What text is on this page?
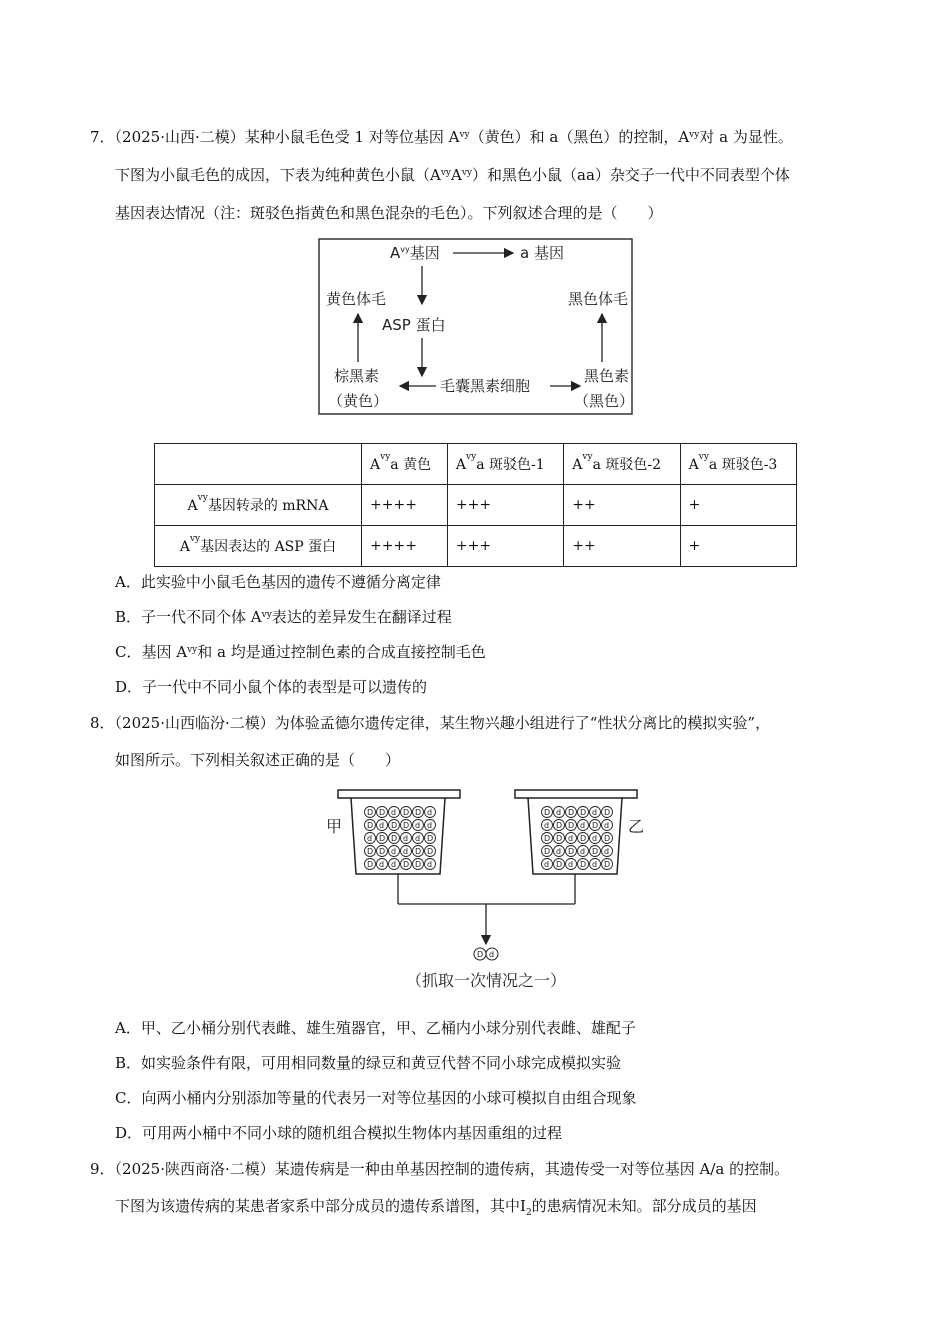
7．（2025·山西·二模）某种小鼠毛色受 1 对等位基因 $A^{vy}$（黄色）和 a（黑色）的控制，$A^{vy}$对 a 为显性。
下图为小鼠毛色的成因，下表为纯种黄色小鼠$(A^{vy}A^{vy})$和黑色小鼠（aa）杂交子一代中不同表型个体
基因表达情况（注：斑驳色指黄色和黑色混杂的毛色）。下列叙述合理的是（　　）
$A^{vy}$基因	a 基因
黄色体毛
ASP 蛋白
黑色体毛
棕黑素
（黄色）
毛囊黑素细胞
黑色素
（黑色）
	$A^{vy}a$ 黄色	$A^{vy}a$ 斑驳色-1	$A^{vy}a$ 斑驳色-2	$A^{vy}a$ 斑驳色-3
$A^{vy}$基因转录的 mRNA	++++	+++	++	+
$A^{vy}$基因表达的 ASP 蛋白	++++	+++	++	+
A．此实验中小鼠毛色基因的遗传不遵循分离定律
B．子一代不同个体 $A^{vy}$表达的差异发生在翻译过程
C．基因 $A^{vy}$和 a 均是通过控制色素的合成直接控制毛色
D．子一代中不同小鼠个体的表型是可以遗传的
8．（2025·山西临汾·二模）为体验孟德尔遗传定律，某生物兴趣小组进行了“性状分离比的模拟实验”，
如图所示。下列相关叙述正确的是（　　）
D d d D D d
D D d d D D
d D D d d D
D d D D d d
D D d D D d
d D d D d D
D d D d D d
D D d D d D
d D D d D d
D d D D d D
甲	乙
D d
（抓取一次情况之一）
A．甲、乙小桶分别代表雌、雄生殖器官，甲、乙桶内小球分别代表雌、雄配子
B．如实验条件有限，可用相同数量的绿豆和黄豆代替不同小球完成模拟实验
C．向两小桶内分别添加等量的代表另一对等位基因的小球可模拟自由组合现象
D．可用两小桶中不同小球的随机组合模拟生物体内基因重组的过程
9．（2025·陕西商洛·二模）某遗传病是一种由单基因控制的遗传病，其遗传受一对等位基因 A/a 的控制。
下图为该遗传病的某患者家系中部分成员的遗传系谱图，其中$Ⅰ_2$的患病情况未知。部分成员的基因
